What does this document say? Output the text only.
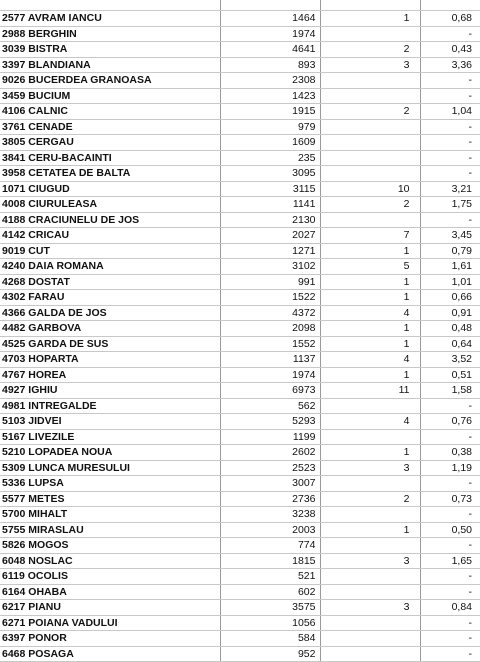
2577 AVRAM IANCU	1464	1	0,68
2988 BERGHIN	1974		-
3039 BISTRA	4641	2	0,43
3397 BLANDIANA	893	3	3,36
9026 BUCERDEA GRANOASA	2308		-
3459 BUCIUM	1423		-
4106 CALNIC	1915	2	1,04
3761 CENADE	979		-
3805 CERGAU	1609		-
3841 CERU-BACAINTI	235		-
3958 CETATEA DE BALTA	3095		-
1071 CIUGUD	3115	10	3,21
4008 CIURULEASA	1141	2	1,75
4188 CRACIUNELU DE JOS	2130		-
4142 CRICAU	2027	7	3,45
9019 CUT	1271	1	0,79
4240 DAIA ROMANA	3102	5	1,61
4268 DOSTAT	991	1	1,01
4302 FARAU	1522	1	0,66
4366 GALDA DE JOS	4372	4	0,91
4482 GARBOVA	2098	1	0,48
4525 GARDA DE SUS	1552	1	0,64
4703 HOPARTA	1137	4	3,52
4767 HOREA	1974	1	0,51
4927 IGHIU	6973	11	1,58
4981 INTREGALDE	562		-
5103 JIDVEI	5293	4	0,76
5167 LIVEZILE	1199		-
5210 LOPADEA NOUA	2602	1	0,38
5309 LUNCA MURESULUI	2523	3	1,19
5336 LUPSA	3007		-
5577 METES	2736	2	0,73
5700 MIHALT	3238		-
5755 MIRASLAU	2003	1	0,50
5826 MOGOS	774		-
6048 NOSLAC	1815	3	1,65
6119 OCOLIS	521		-
6164 OHABA	602		-
6217 PIANU	3575	3	0,84
6271 POIANA VADULUI	1056		-
6397 PONOR	584		-
6468 POSAGA	952		-
